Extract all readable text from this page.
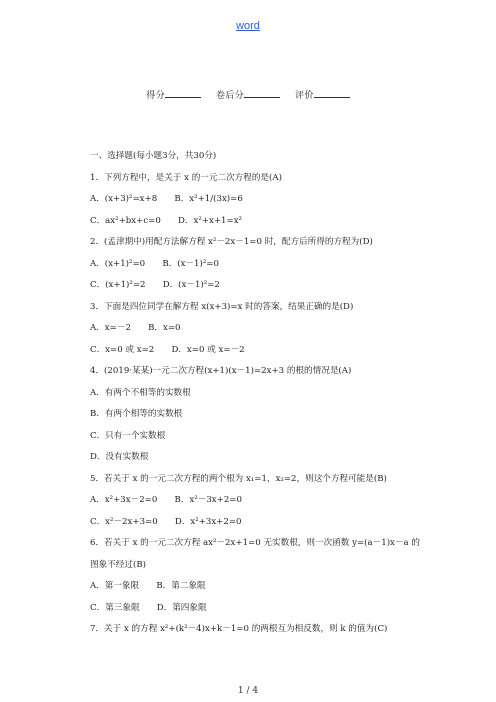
word
得分	卷后分	评价
一、选择题(每小题3分，共30分)
1．下列方程中，是关于 x 的一元二次方程的是(A)
A．(x+3)²=x+8　　B．x²+1/(3x)=6
C．ax²+bx+c=0　　D．x²+x+1=x²
2．(孟津期中)用配方法解方程 x²－2x－1=0 时，配方后所得的方程为(D)
A．(x+1)²=0　　B．(x－1)²=0
C．(x+1)²=2　　D．(x－1)²=2
3．下面是四位同学在解方程 x(x+3)=x 时的答案，结果正确的是(D)
A．x=－2　　B．x=0
C．x=0 或 x=2　　D．x=0 或 x=－2
4．(2019·某某)一元二次方程(x+1)(x－1)=2x+3 的根的情况是(A)
A．有两个不相等的实数根
B．有两个相等的实数根
C．只有一个实数根
D．没有实数根
5．若关于 x 的一元二次方程的两个根为 x₁=1，x₂=2，则这个方程可能是(B)
A．x²+3x－2=0　　B．x²－3x+2=0
C．x²－2x+3=0　　D．x²+3x+2=0
6．若关于 x 的一元二次方程 ax²－2x+1=0 无实数根，则一次函数 y=(a－1)x－a 的
图象不经过(B)
A．第一象限　　B．第二象限
C．第三象限　　D．第四象限
7．关于 x 的方程 x²+(k²－4)x+k－1=0 的两根互为相反数，则 k 的值为(C)
1 / 4
